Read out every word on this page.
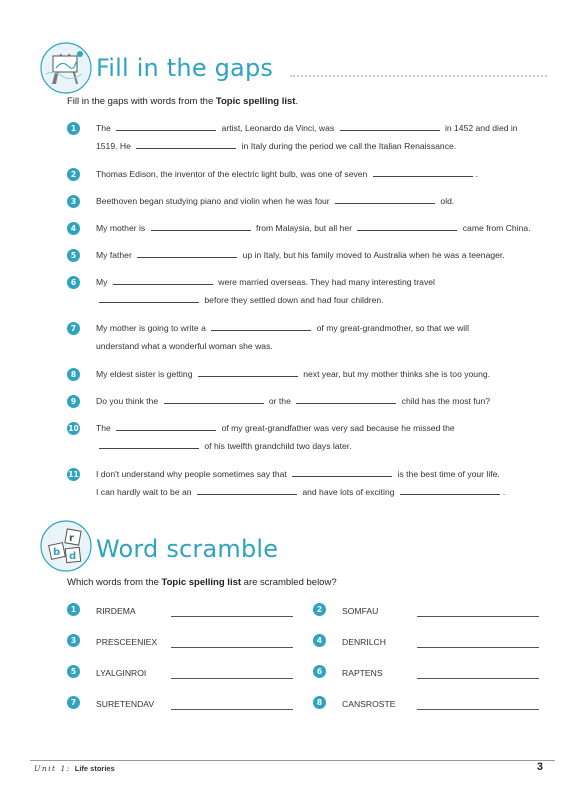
Fill in the gaps
Fill in the gaps with words from the Topic spelling list.
1	The	artist, Leonardo da Vinci, was	in 1452 and died in
1519. He	in Italy during the period we call the Italian Renaissance.
2	Thomas Edison, the inventor of the electric light bulb, was one of seven	.
3	Beethoven began studying piano and violin when he was four	old.
4	My mother is	from Malaysia, but all her	came from China.
5	My father	up in Italy, but his family moved to Australia when he was a teenager.
6	My	were married overseas. They had many interesting travel
before they settled down and had four children.
7	My mother is going to write a	of my great-grandmother, so that we will
understand what a wonderful woman she was.
8	My eldest sister is getting	next year, but my mother thinks she is too young.
9	Do you think the	or the	child has the most fun?
10 The	of my great-grandfather was very sad because he missed the
of his twelfth grandchild two days later.
11 I don't understand why people sometimes say that	is the best time of your life.
I can hardly wait to be an	and have lots of exciting	.
b
r
d Word scramble
Which words from the Topic spelling list are scrambled below?
1	RIRDEMA	2	SOMFAU
3	PRESCEENIEX	4	DENRILCH
5	LYALGINROI	6	RAPTENS
7	SURETENDAV	8	CANSROSTE
Unit 1: Life stories	3
